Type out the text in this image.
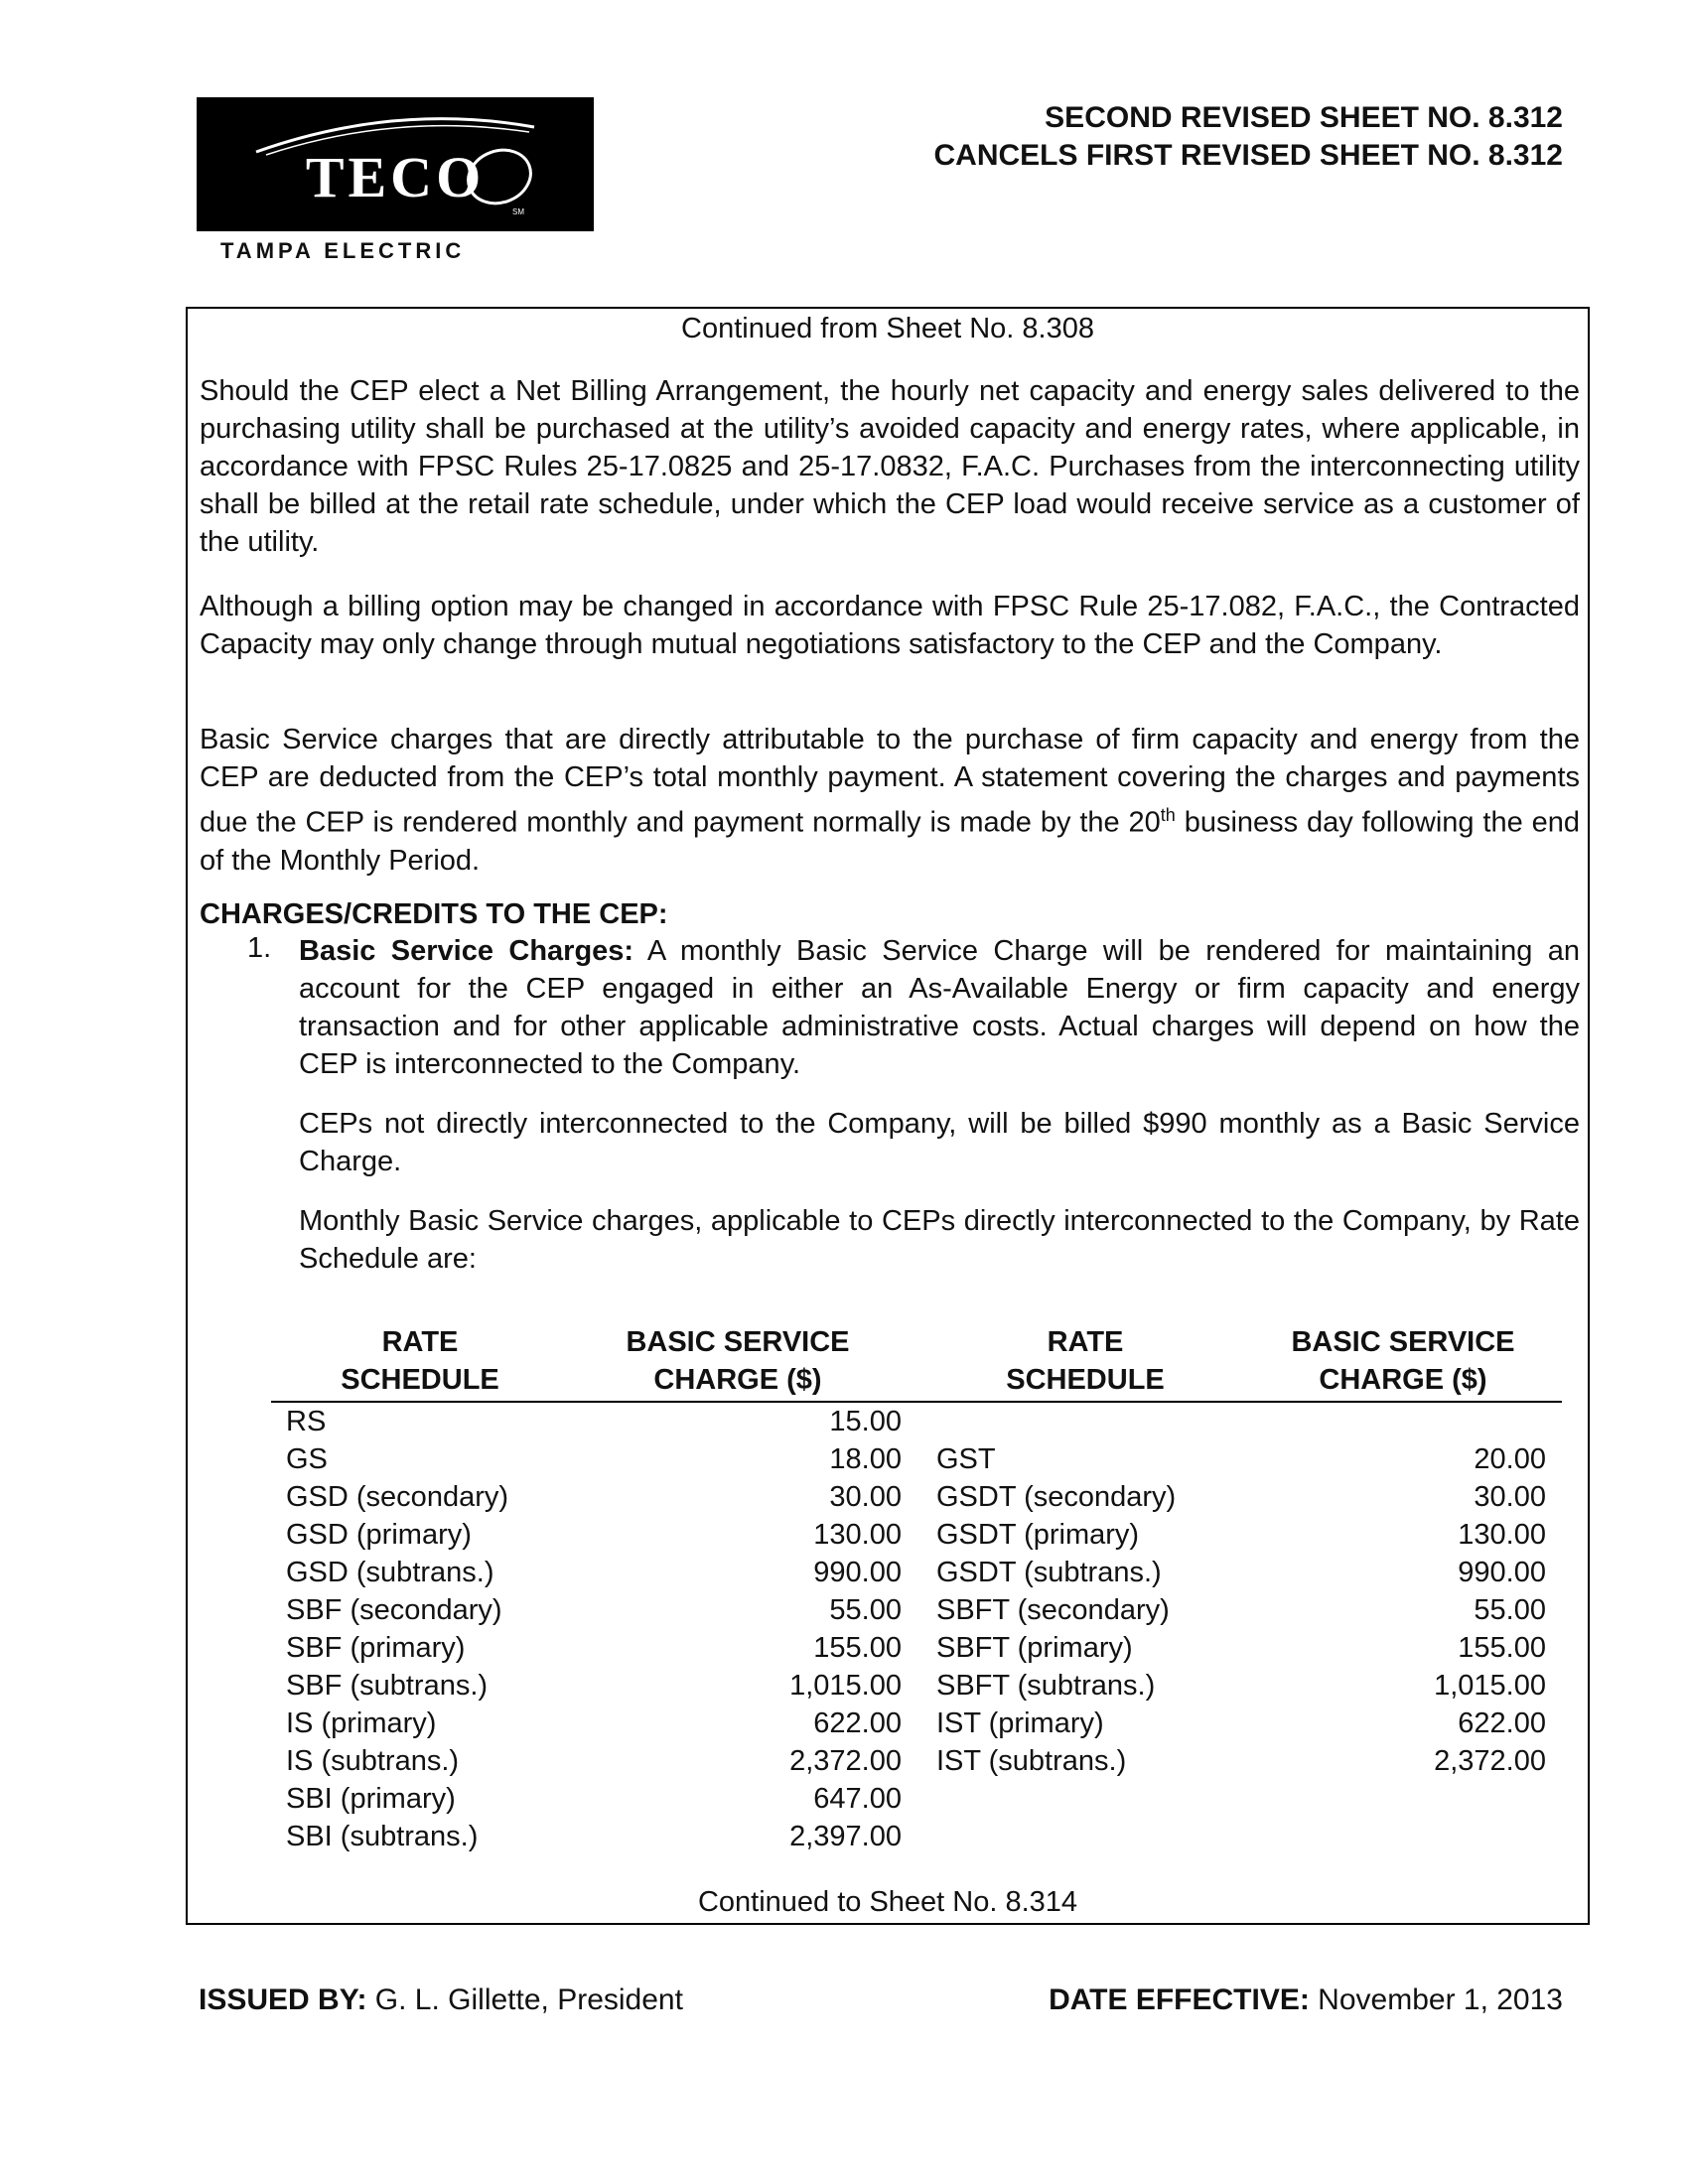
TECO
SM
TAMPA ELECTRIC
SECOND REVISED SHEET NO. 8.312
CANCELS FIRST REVISED SHEET NO. 8.312
Continued from Sheet No. 8.308
Should the CEP elect a Net Billing Arrangement, the hourly net capacity and energy sales delivered to the purchasing utility shall be purchased at the utility’s avoided capacity and energy rates, where applicable, in accordance with FPSC Rules 25-17.0825 and 25-17.0832, F.A.C. Purchases from the interconnecting utility shall be billed at the retail rate schedule, under which the CEP load would receive service as a customer of the utility.
Although a billing option may be changed in accordance with FPSC Rule 25-17.082, F.A.C., the Contracted Capacity may only change through mutual negotiations satisfactory to the CEP and the Company.
Basic Service charges that are directly attributable to the purchase of firm capacity and energy from the CEP are deducted from the CEP’s total monthly payment. A statement covering the charges and payments due the CEP is rendered monthly and payment normally is made by the 20th business day following the end of the Monthly Period.
CHARGES/CREDITS TO THE CEP:
1. Basic Service Charges: A monthly Basic Service Charge will be rendered for maintaining an account for the CEP engaged in either an As-Available Energy or firm capacity and energy transaction and for other applicable administrative costs. Actual charges will depend on how the CEP is interconnected to the Company.
CEPs not directly interconnected to the Company, will be billed $990 monthly as a Basic Service Charge.
Monthly Basic Service charges, applicable to CEPs directly interconnected to the Company, by Rate Schedule are:
RATE
SCHEDULE
BASIC SERVICE
CHARGE ($)
RATE
SCHEDULE
BASIC SERVICE
CHARGE ($)
RS	15.00
GS	18.00 GST	20.00
GSD (secondary)	30.00 GSDT (secondary)	30.00
GSD (primary)	130.00 GSDT (primary)	130.00
GSD (subtrans.)	990.00 GSDT (subtrans.)	990.00
SBF (secondary)	55.00 SBFT (secondary)	55.00
SBF (primary)	155.00 SBFT (primary)	155.00
SBF (subtrans.)	1,015.00 SBFT (subtrans.)	1,015.00
IS (primary)	622.00 IST (primary)	622.00
IS (subtrans.)	2,372.00 IST (subtrans.)	2,372.00
SBI (primary)	647.00
SBI (subtrans.)	2,397.00
Continued to Sheet No. 8.314
ISSUED BY: G. L. Gillette, President	DATE EFFECTIVE: November 1, 2013
